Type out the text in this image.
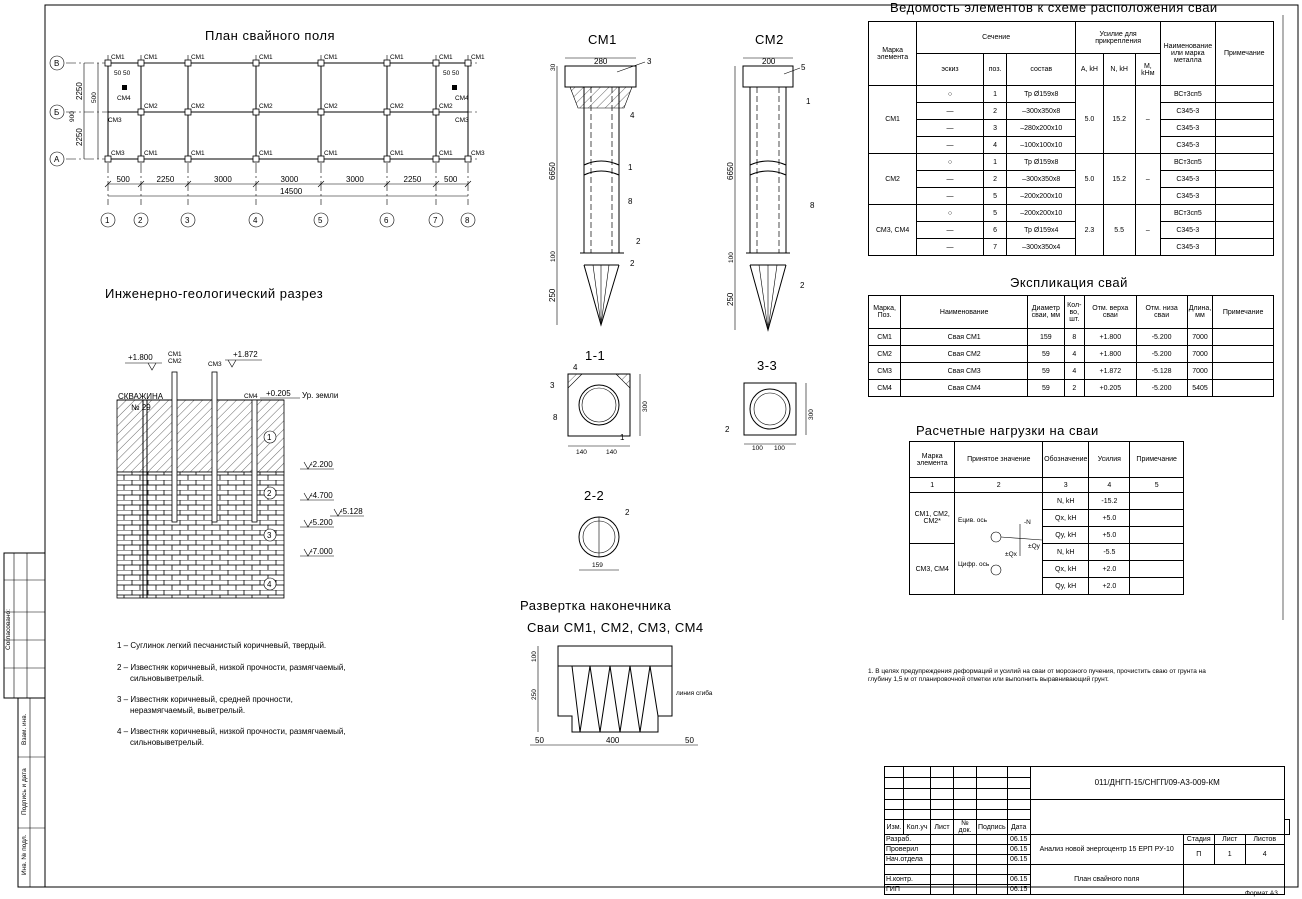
Согласовано:
Взам. инв.
Подпись и дата
Инв. № подл.
План свайного поля
В
Б
А
1	2	3	4	5	6	7	8
СМ1	СМ1	СМ1	СМ1	СМ1	СМ1	СМ1	СМ1
СМ2	СМ2	СМ2	СМ2	СМ2	СМ2
СМ3	СМ1	СМ1	СМ1	СМ1	СМ1	СМ1	СМ3
500	2250	3000	3000	3000	2250	500
14500
2250
2250
500
900
50 50	50 50
СМ4
СМ3
СМ4
СМ3
Инженерно-геологический разрез
+1.800	+1.872
+0.205 Ур. земли
СМ1
СМ2	СМ3
СМ4
СКВАЖИНА
№ 29
-2.200
-4.700
-5.128
-5.200
-7.000
1
2
3
4
1 – Суглинок легкий песчанистый коричневый, твердый.
2 – Известняк коричневый, низкой прочности, размягчаемый,
сильновыветрелый.
3 – Известняк коричневый, средней прочности,
неразмягчаемый, выветрелый.
4 – Известняк коричневый, низкой прочности, размягчаемый,
сильновыветрелый.
СМ1
280
6650
250
100
30
3
4
1
8
2
2
СМ2
200
6650
250
100
5
1
8
2
1-1
140	140
300
4
3
8
1
3-3
100 100
300
2
2-2
159
2
Развертка наконечника
Сваи СМ1, СМ2, СМ3, СМ4
100
250
50	400	50
линия сгиба
1. В целях предупреждения деформаций и усилий на сваи от морозного пучения, прочистить сваю от грунта на
глубину 1,5 м от планировочной отметки или выполнить выравнивающий грунт.
Ецив. ось
Цифр. ось
-N
±Qx
±Qy
Формат А3
Ведомость элементов к схеме расположения сваи
Марка элемента	Сечение			Усилие для прикрепления			Наименование или марка металла	Примечание
	эскиз	поз.	состав	A, kH	N, kH	M, kHм		
СМ1	○	1	Тр Ø159х8	5.0	15.2	–	ВСт3сп5	
	—	2	–300х350х8				С345-3	
	—	3	–280х200х10				С345-3	
	—	4	–100х100х10				С345-3	
СМ2	○	1	Тр Ø159х8	5.0	15.2	–	ВСт3сп5	
	—	2	–300х350х8				С345-3	
	—	5	–200х200х10				С345-3	
СМ3, СМ4	○	5	–200х200х10	2.3	5.5	–	ВСт3сп5	
	—	6	Тр Ø159х4				С345-3	
	—	7	–300х350х4				С345-3	
Экспликация свай
Марка, Поз.	Наименование	Диаметр сваи, мм	Кол-во, шт.	Отм. верха сваи	Отм. низа сваи	Длина, мм	Примечание
СМ1	Свая СМ1	159	8	+1.800	-5.200	7000	
СМ2	Свая СМ2	59	4	+1.800	-5.200	7000	
СМ3	Свая СМ3	59	4	+1.872	-5.128	7000	
СМ4	Свая СМ4	59	2	+0.205	-5.200	5405	
Расчетные нагрузки на сваи
Марка элемента	Принятое значение	Обозначение	Усилия	Примечание
1	2	3	4	5
СМ1, СМ2, СМ2*		N, kH	-15.2	
		Qx, kH	+5.0	
		Qy, kH	+5.0	
СМ3, СМ4		N, kH	-5.5	
		Qx, kH	+2.0	
		Qy, kH	+2.0	
						011/ДНГП-15/СНГП/09-А3-009-КМ				

Изм.	Кол.уч	Лист	№ док.	Подпись	Дата					
Разраб.					06.15	Анализ новой энергоцентр 15 ЕРП РУ-10	Стадия	Лист	Листов	
Проверил					06.15		П	1	4	
Нач.отдела					06.15					
						План свайного поля				
Н.контр.					06.15					
ГИП					06.15					
